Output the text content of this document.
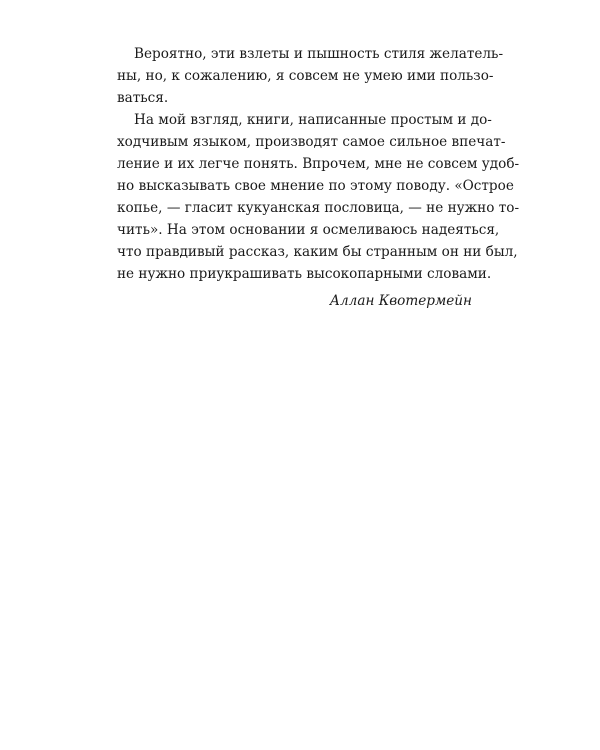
Вероятно, эти взлеты и пышность стиля желатель-
ны, но, к сожалению, я совсем не умею ими пользо-
ваться.
На мой взгляд, книги, написанные простым и до-
ходчивым языком, производят самое сильное впечат-
ление и их легче понять. Впрочем, мне не совсем удоб-
но высказывать свое мнение по этому поводу. «Острое
копье, — гласит кукуанская пословица, — не нужно то-
чить». На этом основании я осмеливаюсь надеяться,
что правдивый рассказ, каким бы странным он ни был,
не нужно приукрашивать высокопарными словами.
Аллан Квотермейн
